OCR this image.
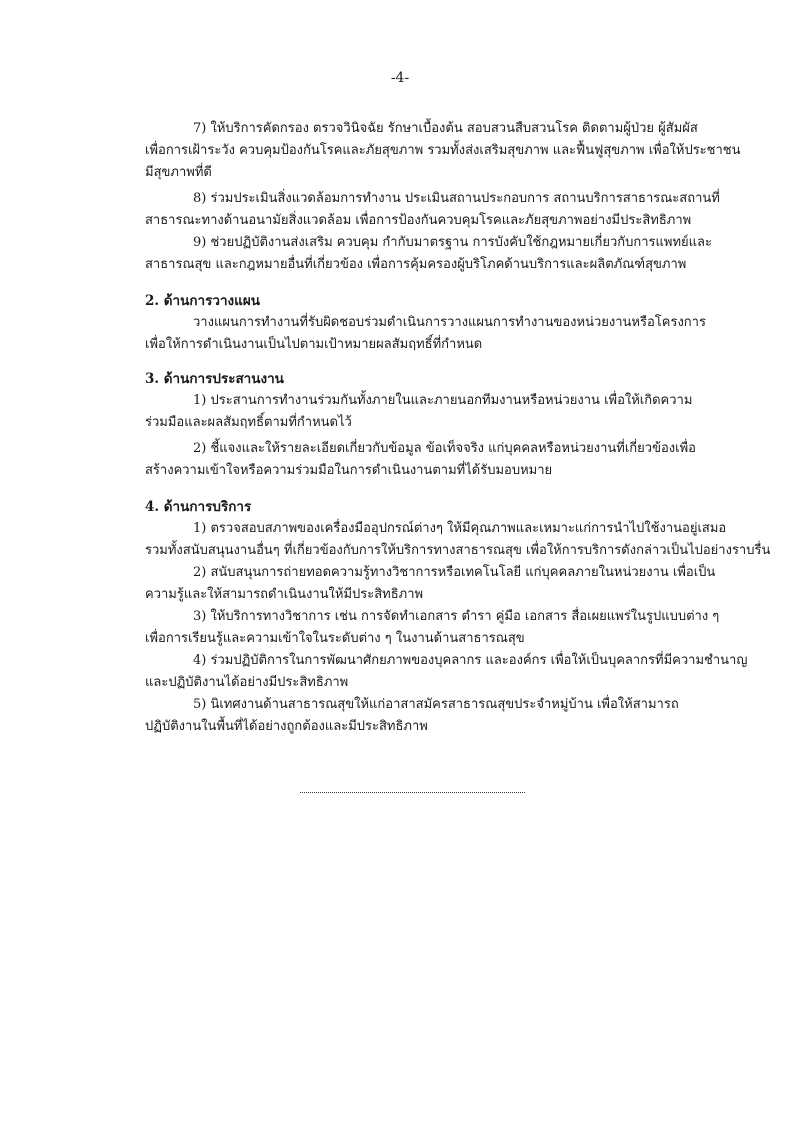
-4-
7) ให้บริการคัดกรอง ตรวจวินิจฉัย รักษาเบื้องต้น สอบสวนสืบสวนโรค ติดตามผู้ป่วย ผู้สัมผัส
เพื่อการเฝ้าระวัง ควบคุมป้องกันโรคและภัยสุขภาพ รวมทั้งส่งเสริมสุขภาพ และฟื้นฟูสุขภาพ เพื่อให้ประชาชน
มีสุขภาพที่ดี
8) ร่วมประเมินสิ่งแวดล้อมการทำงาน ประเมินสถานประกอบการ สถานบริการสาธารณะสถานที่
สาธารณะทางด้านอนามัยสิ่งแวดล้อม เพื่อการป้องกันควบคุมโรคและภัยสุขภาพอย่างมีประสิทธิภาพ
9) ช่วยปฏิบัติงานส่งเสริม ควบคุม กำกับมาตรฐาน การบังคับใช้กฎหมายเกี่ยวกับการแพทย์และ
สาธารณสุข และกฎหมายอื่นที่เกี่ยวข้อง เพื่อการคุ้มครองผู้บริโภคด้านบริการและผลิตภัณฑ์สุขภาพ
2. ด้านการวางแผน
วางแผนการทำงานที่รับผิดชอบร่วมดำเนินการวางแผนการทำงานของหน่วยงานหรือโครงการ
เพื่อให้การดำเนินงานเป็นไปตามเป้าหมายผลสัมฤทธิ์ที่กำหนด
3. ด้านการประสานงาน
1) ประสานการทำงานร่วมกันทั้งภายในและภายนอกทีมงานหรือหน่วยงาน เพื่อให้เกิดความ
ร่วมมือและผลสัมฤทธิ์ตามที่กำหนดไว้
2) ชี้แจงและให้รายละเอียดเกี่ยวกับข้อมูล ข้อเท็จจริง แก่บุคคลหรือหน่วยงานที่เกี่ยวข้องเพื่อ
สร้างความเข้าใจหรือความร่วมมือในการดำเนินงานตามที่ได้รับมอบหมาย
4. ด้านการบริการ
1) ตรวจสอบสภาพของเครื่องมืออุปกรณ์ต่างๆ ให้มีคุณภาพและเหมาะแก่การนำไปใช้งานอยู่เสมอ
รวมทั้งสนับสนุนงานอื่นๆ ที่เกี่ยวข้องกับการให้บริการทางสาธารณสุข เพื่อให้การบริการดังกล่าวเป็นไปอย่างราบรื่น
2) สนับสนุนการถ่ายทอดความรู้ทางวิชาการหรือเทคโนโลยี แก่บุคคลภายในหน่วยงาน เพื่อเป็น
ความรู้และให้สามารถดำเนินงานให้มีประสิทธิภาพ
3) ให้บริการทางวิชาการ เช่น การจัดทำเอกสาร ตำรา คู่มือ เอกสาร สื่อเผยแพร่ในรูปแบบต่าง ๆ
เพื่อการเรียนรู้และความเข้าใจในระดับต่าง ๆ ในงานด้านสาธารณสุข
4) ร่วมปฏิบัติการในการพัฒนาศักยภาพของบุคลากร และองค์กร เพื่อให้เป็นบุคลากรที่มีความชำนาญ
และปฏิบัติงานได้อย่างมีประสิทธิภาพ
5) นิเทศงานด้านสาธารณสุขให้แก่อาสาสมัครสาธารณสุขประจำหมู่บ้าน เพื่อให้สามารถ
ปฏิบัติงานในพื้นที่ได้อย่างถูกต้องและมีประสิทธิภาพ
